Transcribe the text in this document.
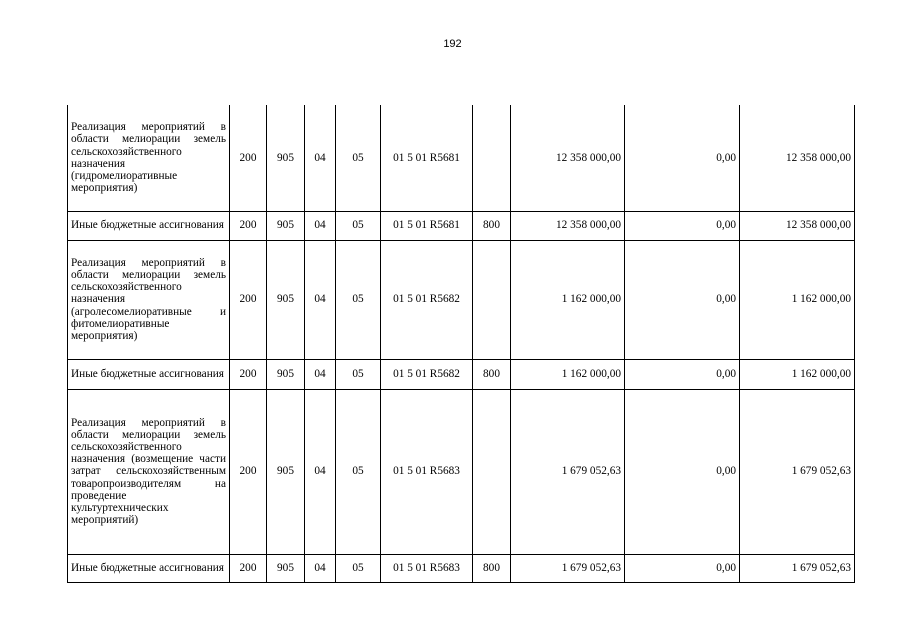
192
Реализация мероприятий в области мелиорации земель сельскохозяйственного назначения (гидромелиоративные мероприятия)	200	905	04	05	01 5 01 R5681		12 358 000,00	0,00	12 358 000,00
Иные бюджетные ассигнования	200	905	04	05	01 5 01 R5681	800	12 358 000,00	0,00	12 358 000,00
Реализация мероприятий в области мелиорации земель сельскохозяйственного назначения (агролесомелиоративные и фитомелиоративные мероприятия)	200	905	04	05	01 5 01 R5682		1 162 000,00	0,00	1 162 000,00
Иные бюджетные ассигнования	200	905	04	05	01 5 01 R5682	800	1 162 000,00	0,00	1 162 000,00
Реализация мероприятий в области мелиорации земель сельскохозяйственного назначения (возмещение части затрат сельскохозяйственным товаропроизводителям на проведение культуртехнических мероприятий)	200	905	04	05	01 5 01 R5683		1 679 052,63	0,00	1 679 052,63
Иные бюджетные ассигнования	200	905	04	05	01 5 01 R5683	800	1 679 052,63	0,00	1 679 052,63
